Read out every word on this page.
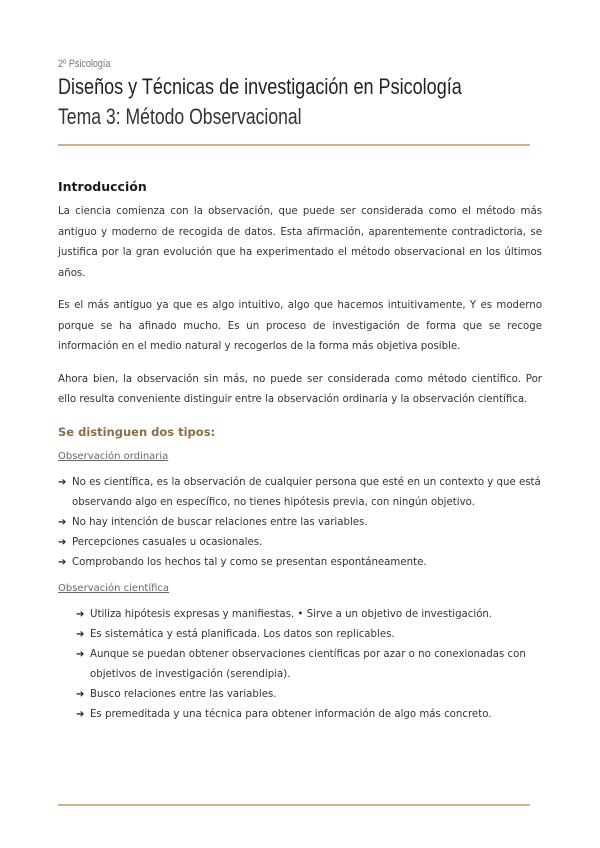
2º Psicología
Diseños y Técnicas de investigación en Psicología
Tema 3: Método Observacional
Introducción

La ciencia comienza con la observación, que puede ser considerada como el método más antiguo y moderno de recogida de datos. Esta afirmación, aparentemente contradictoria, se justifica por la gran evolución que ha experimentado el método observacional en los últimos años.

Es el más antiguo ya que es algo intuitivo, algo que hacemos intuitivamente, Y es moderno porque se ha afinado mucho. Es un proceso de investigación de forma que se recoge información en el medio natural y recogerlos de la forma más objetiva posible.

Ahora bien, la observación sin más, no puede ser considerada como método científico. Por ello resulta conveniente distinguir entre la observación ordinaria y la observación científica.

Se distinguen dos tipos:
Observación ordinaria
➔ No es científica, es la observación de cualquier persona que esté en un contexto y que está observando algo en específico, no tienes hipótesis previa, con ningún objetivo.
➔ No hay intención de buscar relaciones entre las variables.
➔ Percepciones casuales u ocasionales.
➔ Comprobando los hechos tal y como se presentan espontáneamente.
Observación científica
➔ Utiliza hipótesis expresas y manifiestas. • Sirve a un objetivo de investigación.
➔ Es sistemática y está planificada. Los datos son replicables.
➔ Aunque se puedan obtener observaciones científicas por azar o no conexionadas con objetivos de investigación (serendipia).
➔ Busco relaciones entre las variables.
➔ Es premeditada y una técnica para obtener información de algo más concreto.
